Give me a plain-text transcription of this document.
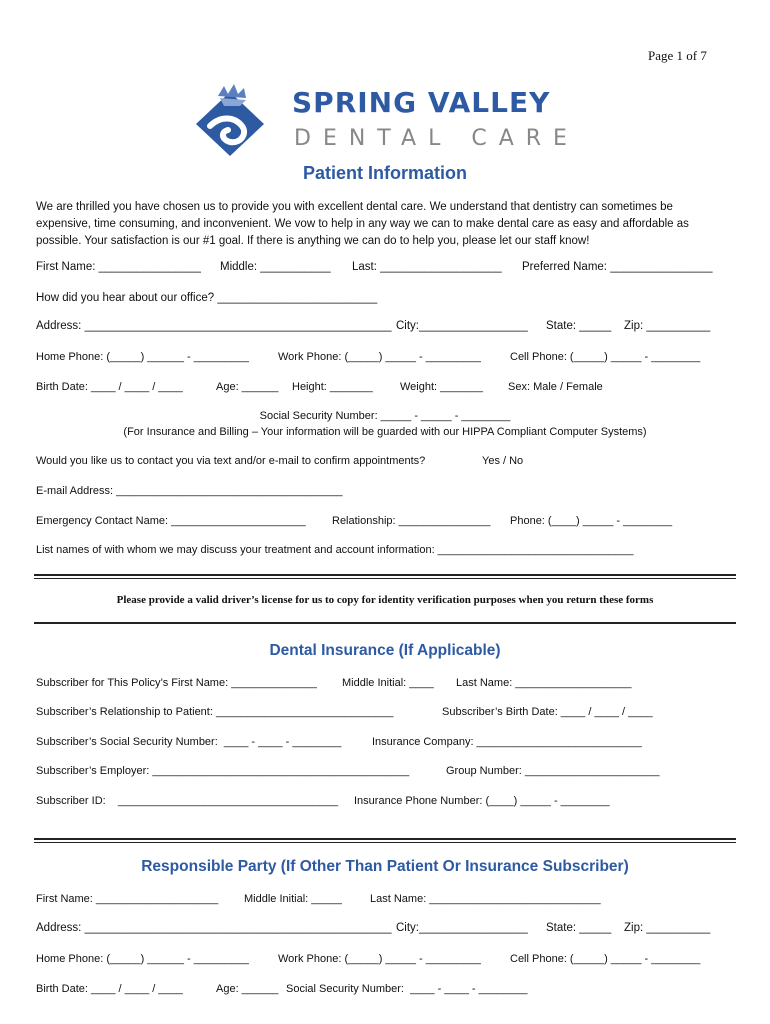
Page 1 of 7
SPRING VALLEY
DENTAL CARE
Patient Information
We are thrilled you have chosen us to provide you with excellent dental care. We understand that dentistry can sometimes be expensive, time consuming, and inconvenient. We vow to help in any way we can to make dental care as easy and affordable as possible. Your satisfaction is our #1 goal. If there is anything we can do to help you, please let our staff know!
First Name: ________________ Middle: ___________ Last: ___________________ Preferred Name: ________________
How did you hear about our office? _________________________
Address: ________________________________________________ City:_________________ State: _____ Zip: __________
Home Phone: (_____) ______ - _________	Work Phone: (_____) _____ - _________	Cell Phone: (_____) _____ - ________
Birth Date: ____ / ____ / ____	Age: ______ Height: _______ Weight: _______ Sex: Male / Female
Social Security Number: _____ - _____ - ________
(For Insurance and Billing – Your information will be guarded with our HIPPA Compliant Computer Systems)
Would you like us to contact you via text and/or e-mail to confirm appointments?	Yes / No
E-mail Address: _____________________________________
Emergency Contact Name: ______________________ Relationship: _______________ Phone: (____) _____ - ________
List names of with whom we may discuss your treatment and account information: ________________________________
Please provide a valid driver’s license for us to copy for identity verification purposes when you return these forms
Dental Insurance (If Applicable)
Subscriber for This Policy’s First Name: ______________ Middle Initial: ____ Last Name: ___________________
Subscriber’s Relationship to Patient: _____________________________	Subscriber’s Birth Date: ____ / ____ / ____
Subscriber’s Social Security Number:  ____ - ____ - ________	Insurance Company: ___________________________
Subscriber’s Employer: __________________________________________	Group Number: ______________________
Subscriber ID:    ____________________________________ Insurance Phone Number: (____) _____ - ________
Responsible Party (If Other Than Patient Or Insurance Subscriber)
First Name: ____________________ Middle Initial: _____	Last Name: ____________________________
Address: ________________________________________________ City:_________________ State: _____ Zip: __________
Home Phone: (_____) ______ - _________	Work Phone: (_____) _____ - _________	Cell Phone: (_____) _____ - ________
Birth Date: ____ / ____ / ____	Age: ______ Social Security Number:  ____ - ____ - ________
